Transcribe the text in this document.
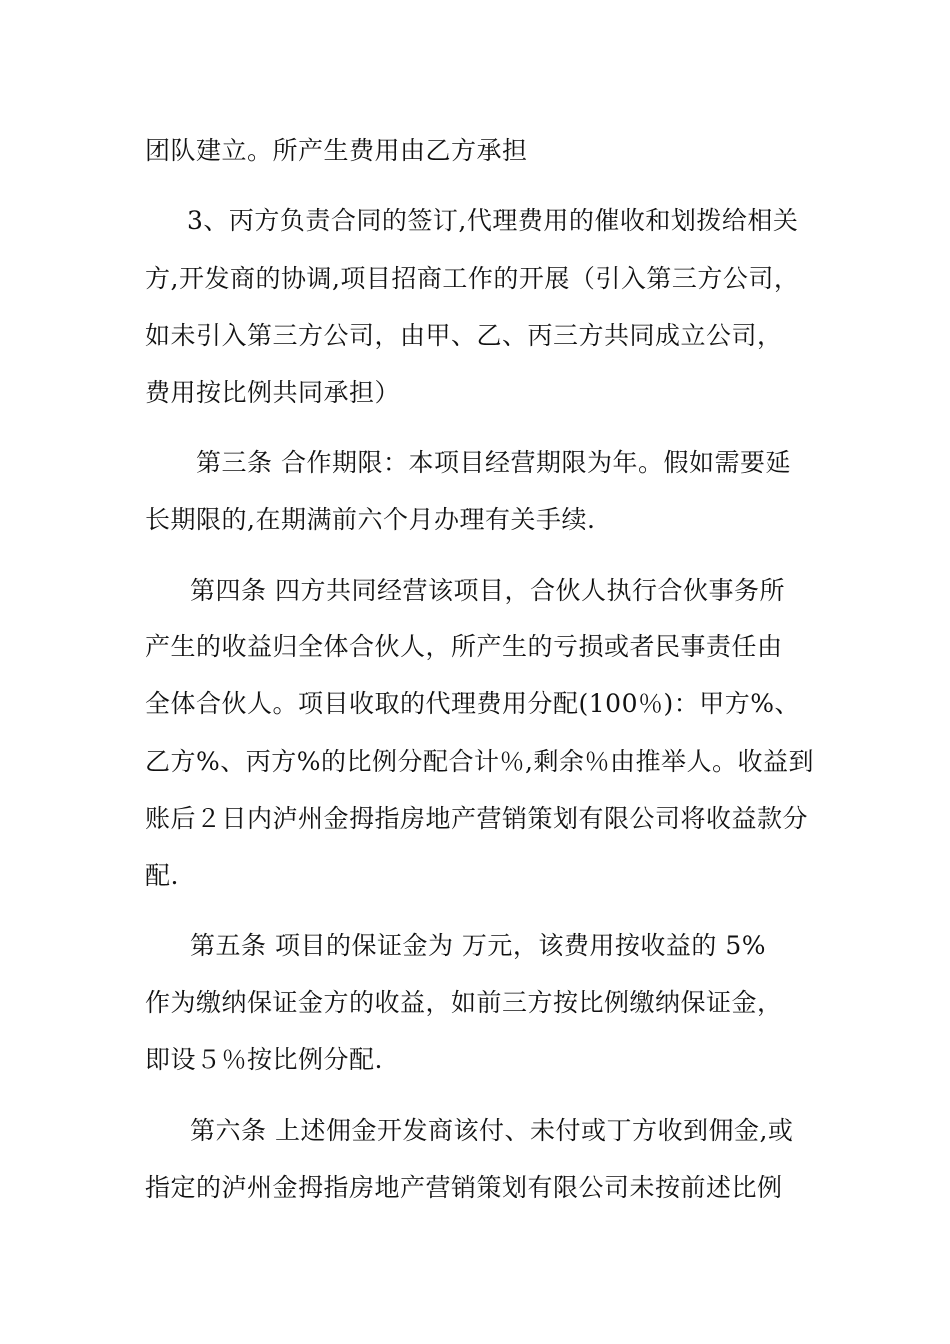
团队建立。所产生费用由乙方承担
3、丙方负责合同的签订,代理费用的催收和划拨给相关
方,开发商的协调,项目招商工作的开展（引入第三方公司，
如未引入第三方公司，由甲、乙、丙三方共同成立公司，
费用按比例共同承担）
第三条 合作期限：本项目经营期限为年。假如需要延
长期限的,在期满前六个月办理有关手续.
第四条 四方共同经营该项目，合伙人执行合伙事务所
产生的收益归全体合伙人，所产生的亏损或者民事责任由
全体合伙人。项目收取的代理费用分配(100％)：甲方%、
乙方%、丙方%的比例分配合计％,剩余％由推举人。收益到
账后２日内泸州金拇指房地产营销策划有限公司将收益款分
配.
第五条 项目的保证金为 万元，该费用按收益的 5%
作为缴纳保证金方的收益，如前三方按比例缴纳保证金，
即设５％按比例分配.
第六条 上述佣金开发商该付、未付或丁方收到佣金,或
指定的泸州金拇指房地产营销策划有限公司未按前述比例
